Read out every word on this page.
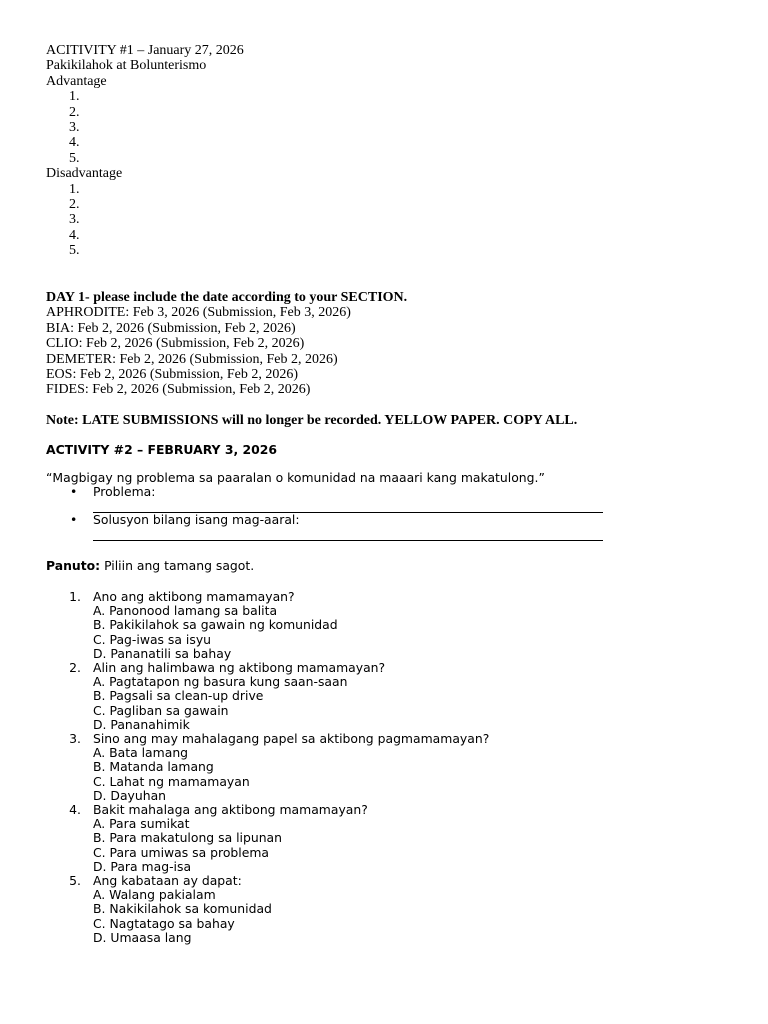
ACITIVITY #1 – January 27, 2026
Pakikilahok at Bolunterismo
Advantage
1.
2.
3.
4.
5.
Disadvantage
1.
2.
3.
4.
5.
DAY 1- please include the date according to your SECTION.
APHRODITE: Feb 3, 2026 (Submission, Feb 3, 2026)
BIA: Feb 2, 2026 (Submission, Feb 2, 2026)
CLIO: Feb 2, 2026 (Submission, Feb 2, 2026)
DEMETER: Feb 2, 2026 (Submission, Feb 2, 2026)
EOS: Feb 2, 2026 (Submission, Feb 2, 2026)
FIDES: Feb 2, 2026 (Submission, Feb 2, 2026)
Note: LATE SUBMISSIONS will no longer be recorded. YELLOW PAPER. COPY ALL.
ACTIVITY #2 – FEBRUARY 3, 2026
“Magbigay ng problema sa paaralan o komunidad na maaari kang makatulong.”
• Problema:
• Solusyon bilang isang mag-aaral:
Panuto: Piliin ang tamang sagot.
1. Ano ang aktibong mamamayan?
A. Panonood lamang sa balita
B. Pakikilahok sa gawain ng komunidad
C. Pag-iwas sa isyu
D. Pananatili sa bahay
2. Alin ang halimbawa ng aktibong mamamayan?
A. Pagtatapon ng basura kung saan-saan
B. Pagsali sa clean-up drive
C. Pagliban sa gawain
D. Pananahimik
3. Sino ang may mahalagang papel sa aktibong pagmamamayan?
A. Bata lamang
B. Matanda lamang
C. Lahat ng mamamayan
D. Dayuhan
4. Bakit mahalaga ang aktibong mamamayan?
A. Para sumikat
B. Para makatulong sa lipunan
C. Para umiwas sa problema
D. Para mag-isa
5. Ang kabataan ay dapat:
A. Walang pakialam
B. Nakikilahok sa komunidad
C. Nagtatago sa bahay
D. Umaasa lang
